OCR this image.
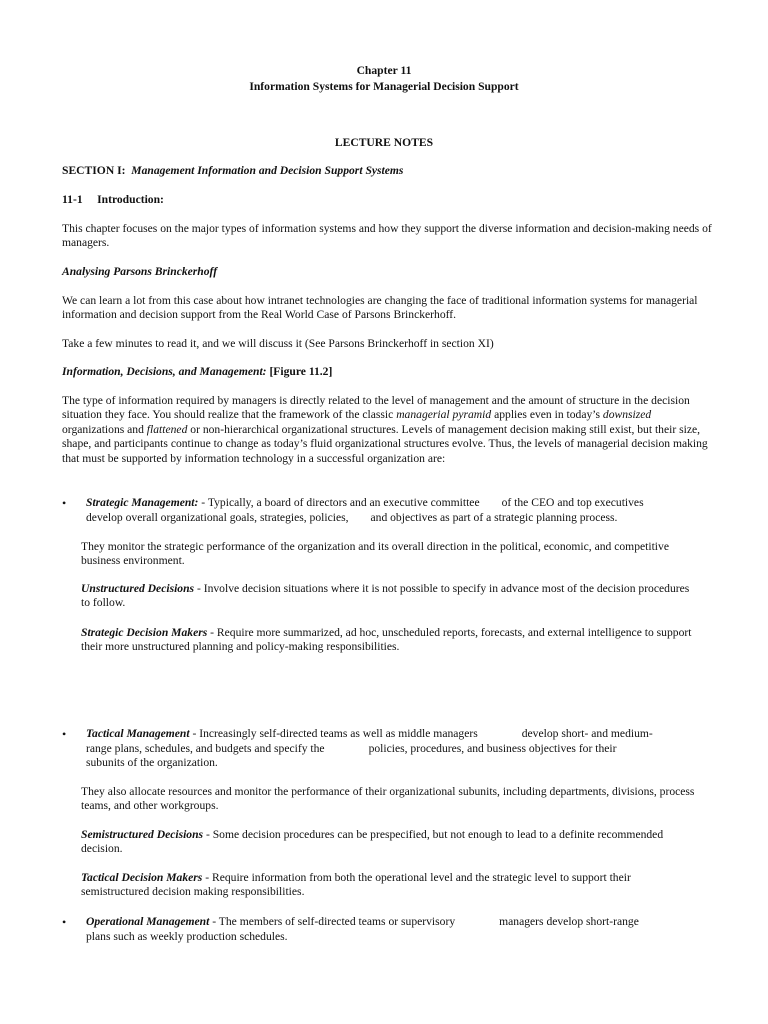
Chapter 11
Information Systems for Managerial Decision Support
LECTURE NOTES
SECTION I: Management Information and Decision Support Systems
11-1 Introduction:
This chapter focuses on the major types of information systems and how they support the diverse information and decision-making needs of managers.
Analysing Parsons Brinckerhoff
We can learn a lot from this case about how intranet technologies are changing the face of traditional information systems for managerial information and decision support from the Real World Case of Parsons Brinckerhoff.
Take a few minutes to read it, and we will discuss it (See Parsons Brinckerhoff in section XI)
Information, Decisions, and Management: [Figure 11.2]
The type of information required by managers is directly related to the level of management and the amount of structure in the decision situation they face. You should realize that the framework of the classic managerial pyramid applies even in today’s downsized organizations and flattened or non-hierarchical organizational structures. Levels of management decision making still exist, but their size, shape, and participants continue to change as today’s fluid organizational structures evolve. Thus, the levels of managerial decision making that must be supported by information technology in a successful organization are:
• Strategic Management: - Typically, a board of directors and an executive committee of the CEO and top executives
develop overall organizational goals, strategies, policies, and objectives as part of a strategic planning process.
They monitor the strategic performance of the organization and its overall direction in the political, economic, and competitive business environment.
Unstructured Decisions - Involve decision situations where it is not possible to specify in advance most of the decision procedures to follow.
Strategic Decision Makers - Require more summarized, ad hoc, unscheduled reports, forecasts, and external intelligence to support their more unstructured planning and policy-making responsibilities.
• Tactical Management - Increasingly self-directed teams as well as middle managers	develop short- and medium-
range plans, schedules, and budgets and specify the	policies, procedures, and business objectives for their
subunits of the organization.
They also allocate resources and monitor the performance of their organizational subunits, including departments, divisions, process teams, and other workgroups.
Semistructured Decisions - Some decision procedures can be prespecified, but not enough to lead to a definite recommended decision.
Tactical Decision Makers - Require information from both the operational level and the strategic level to support their semistructured decision making responsibilities.
• Operational Management - The members of self-directed teams or supervisory	managers develop short-range
plans such as weekly production schedules.
